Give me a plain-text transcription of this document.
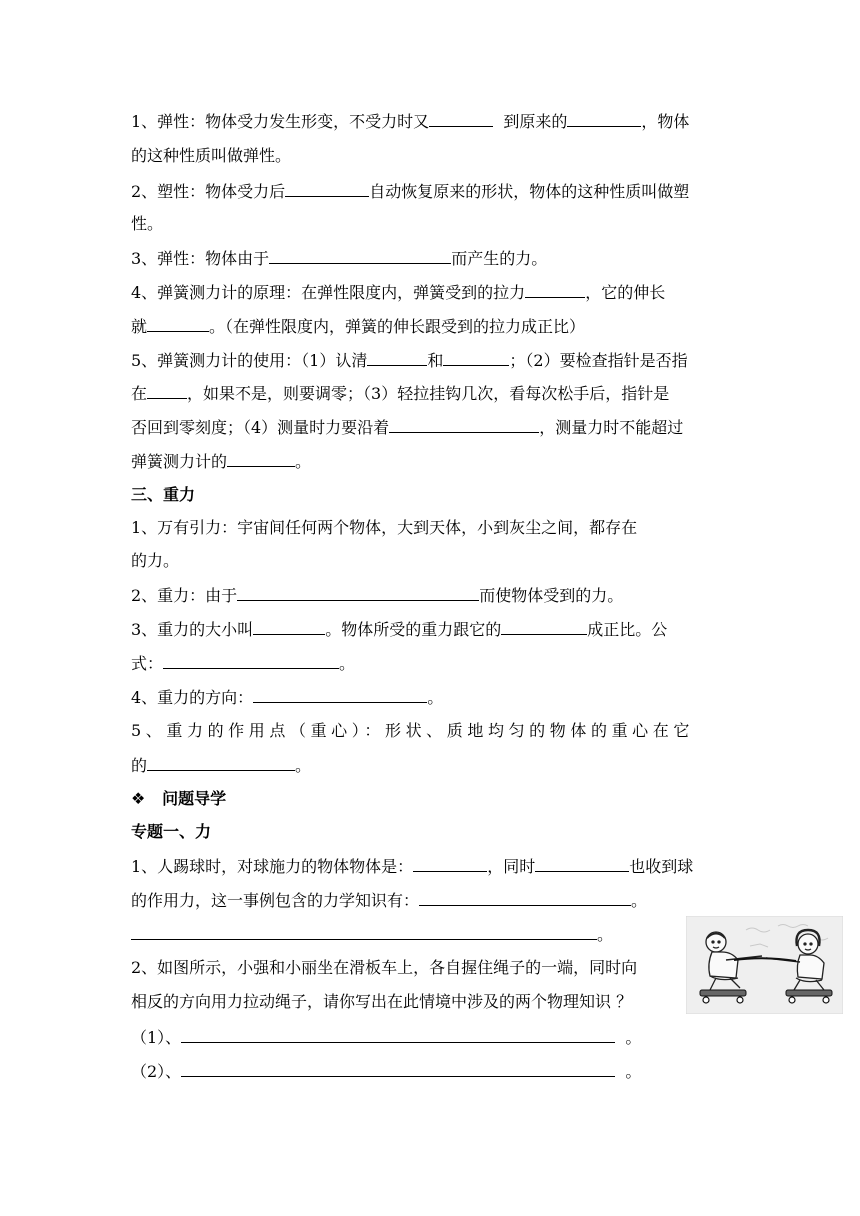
1、弹性：物体受力发生形变，不受力时又	到原来的	，物体
的这种性质叫做弹性。
2、塑性：物体受力后	自动恢复原来的形状，物体的这种性质叫做塑
性。
3、弹性：物体由于	而产生的力。
4、弹簧测力计的原理：在弹性限度内，弹簧受到的拉力	，它的伸长
就	。（在弹性限度内，弹簧的伸长跟受到的拉力成正比）
5、弹簧测力计的使用：（1）认清	和	；（2）要检查指针是否指
在	，如果不是，则要调零；（3）轻拉挂钩几次，看每次松手后，指针是
否回到零刻度；（4）测量时力要沿着	，测量力时不能超过
弹簧测力计的	。
三、重力
1、万有引力：宇宙间任何两个物体，大到天体，小到灰尘之间，都存在
的力。
2、重力：由于	而使物体受到的力。
3、重力的大小叫	。物体所受的重力跟它的	成正比。公
式：	。
4、重力的方向：	。
5、重力的作用点（重心）：形状、质地均匀的物体的重心在它
的	。
❖ 问题导学
专题一、力
1、人踢球时，对球施力的物体物体是：	，同时	也收到球
的作用力，这一事例包含的力学知识有：	。
。
2、如图所示，小强和小丽坐在滑板车上，各自握住绳子的一端，同时向
相反的方向用力拉动绳子，请你写出在此情境中涉及的两个物理知识 ？
（1）、	。
（2）、	。
